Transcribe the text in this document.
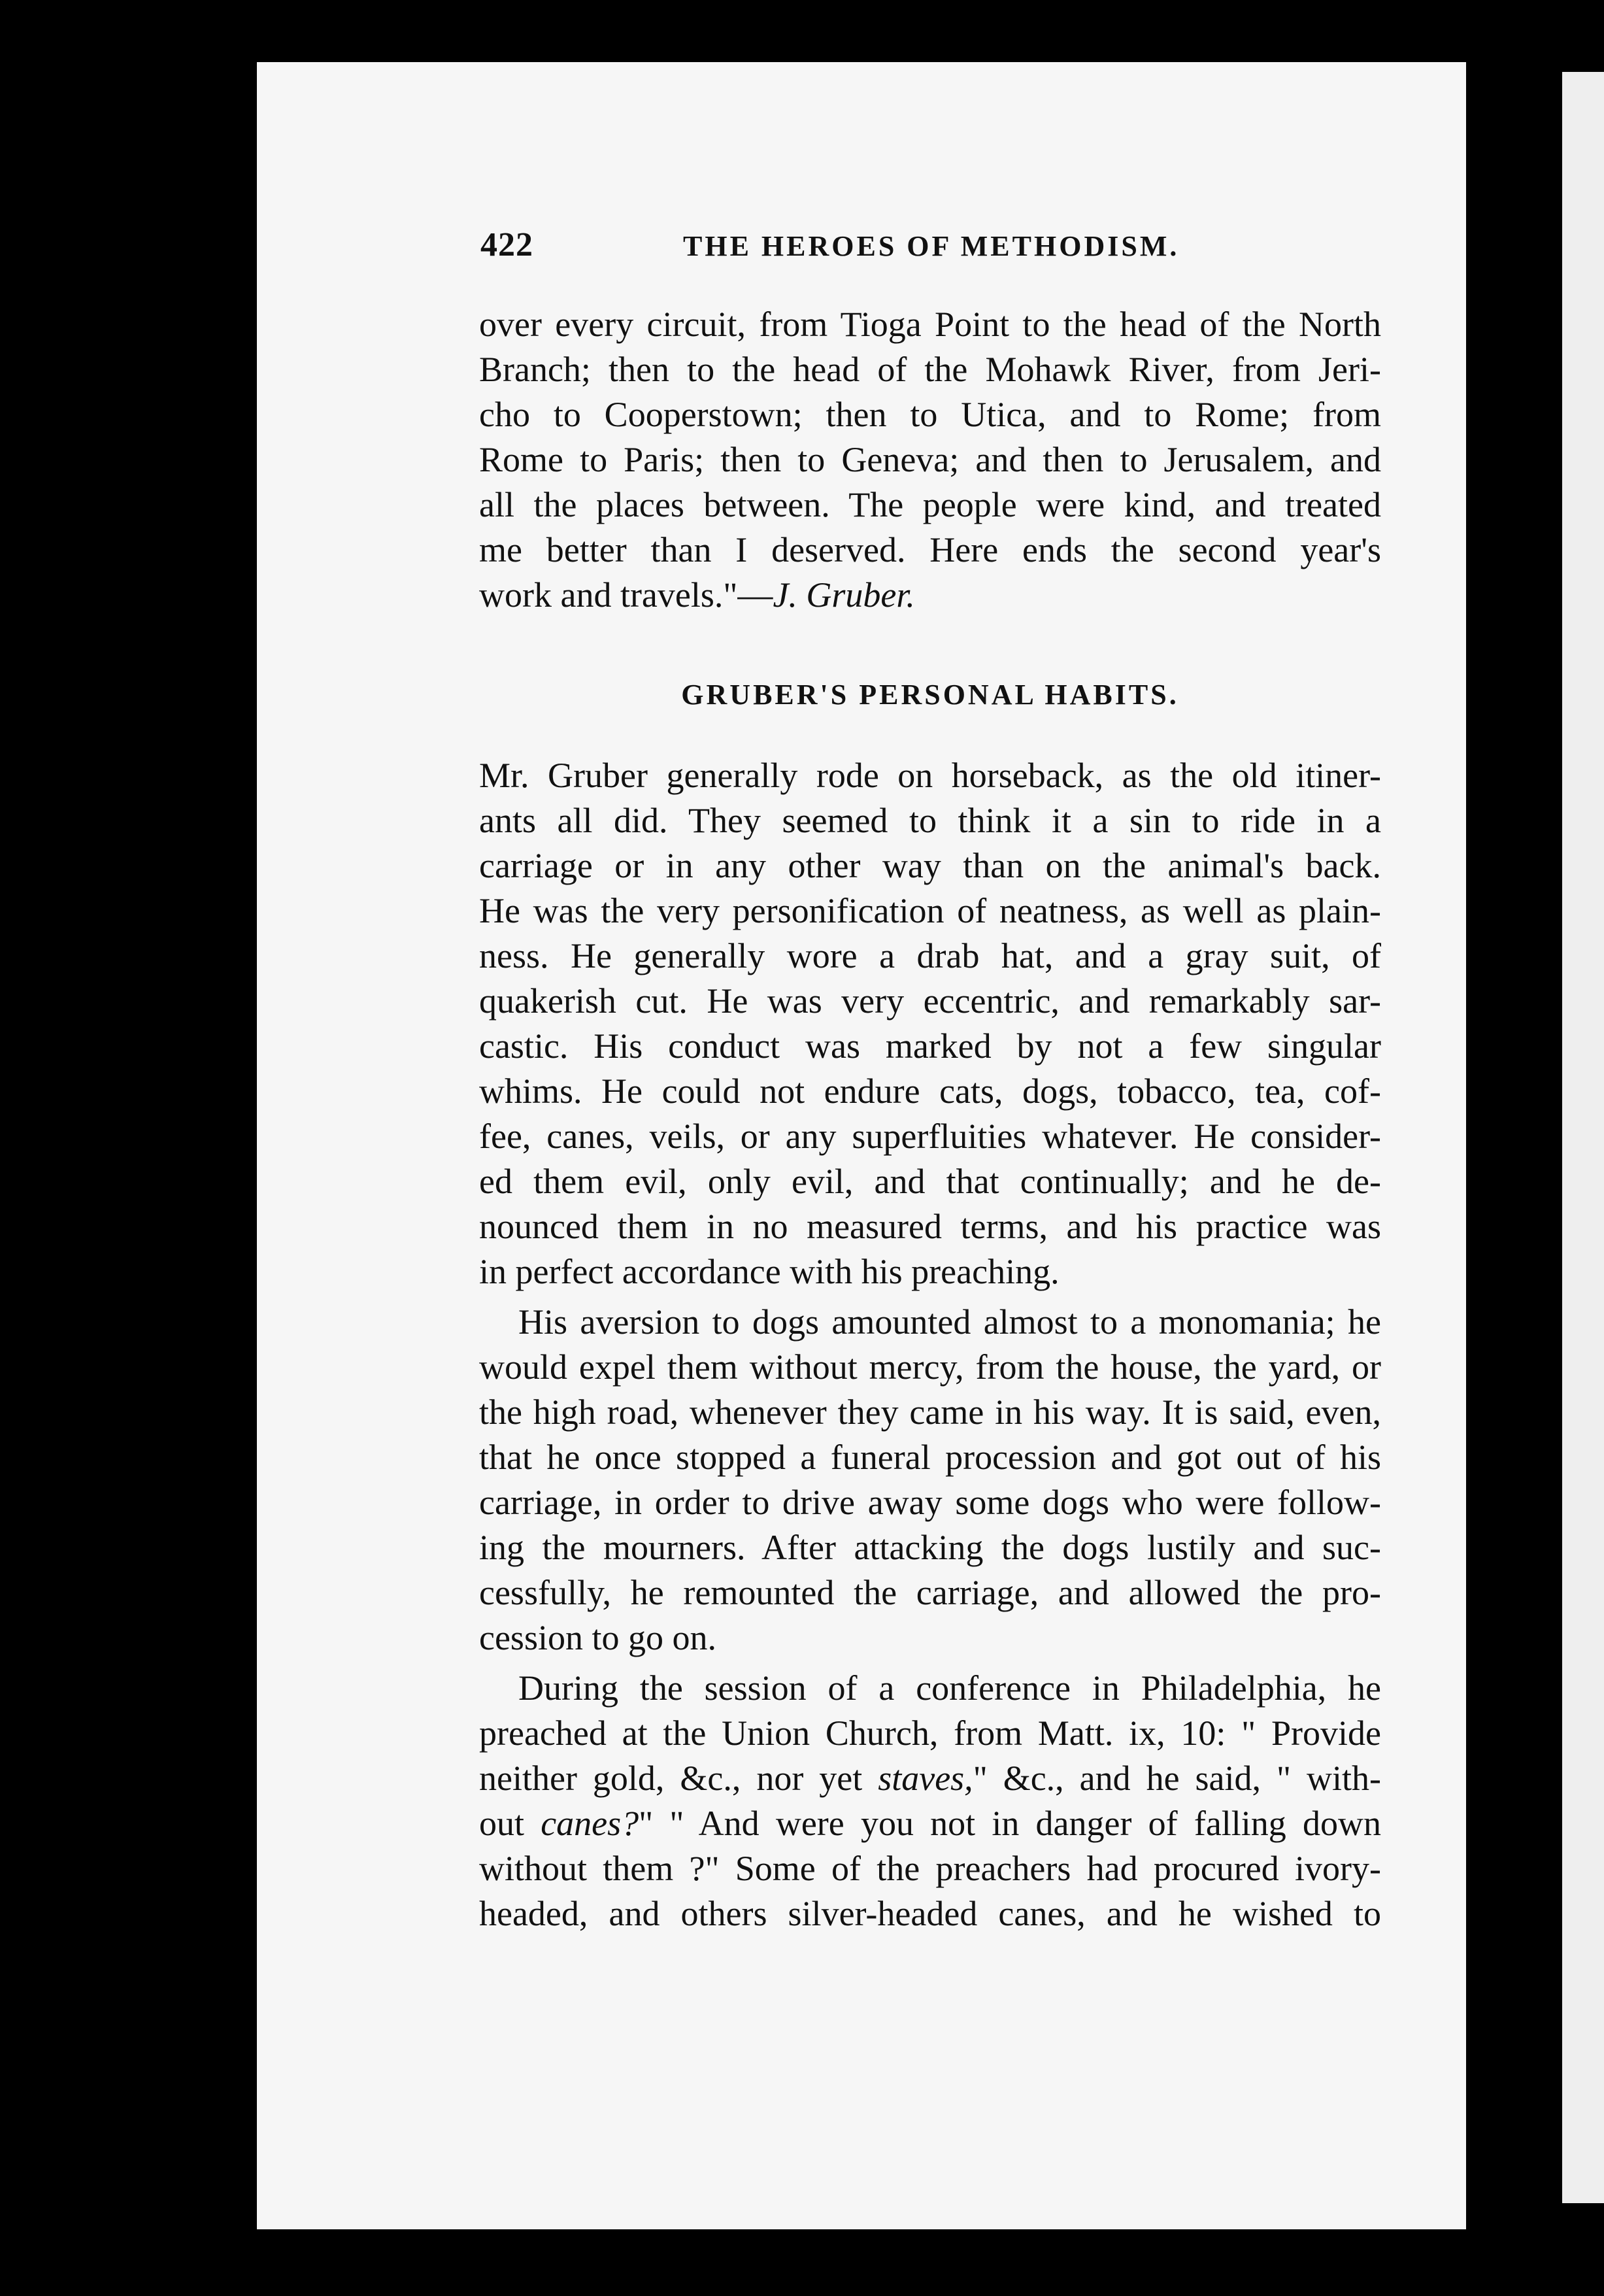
422	THE HEROES OF METHODISM.
over every circuit, from Tioga Point to the head of the North
Branch; then to the head of the Mohawk River, from Jeri-
cho to Cooperstown; then to Utica, and to Rome; from
Rome to Paris; then to Geneva; and then to Jerusalem, and
all the places between. The people were kind, and treated
me better than I deserved. Here ends the second year's
work and travels."—J. Gruber.
GRUBER'S PERSONAL HABITS.
Mr. Gruber generally rode on horseback, as the old itiner-
ants all did. They seemed to think it a sin to ride in a
carriage or in any other way than on the animal's back.
He was the very personification of neatness, as well as plain-
ness. He generally wore a drab hat, and a gray suit, of
quakerish cut. He was very eccentric, and remarkably sar-
castic. His conduct was marked by not a few singular
whims. He could not endure cats, dogs, tobacco, tea, cof-
fee, canes, veils, or any superfluities whatever. He consider-
ed them evil, only evil, and that continually; and he de-
nounced them in no measured terms, and his practice was
in perfect accordance with his preaching.
His aversion to dogs amounted almost to a monomania; he
would expel them without mercy, from the house, the yard, or
the high road, whenever they came in his way. It is said, even,
that he once stopped a funeral procession and got out of his
carriage, in order to drive away some dogs who were follow-
ing the mourners. After attacking the dogs lustily and suc-
cessfully, he remounted the carriage, and allowed the pro-
cession to go on.
During the session of a conference in Philadelphia, he
preached at the Union Church, from Matt. ix, 10: " Provide
neither gold, &c., nor yet staves," &c., and he said, " with-
out canes?" " And were you not in danger of falling down
without them ?" Some of the preachers had procured ivory-
headed, and others silver-headed canes, and he wished to
